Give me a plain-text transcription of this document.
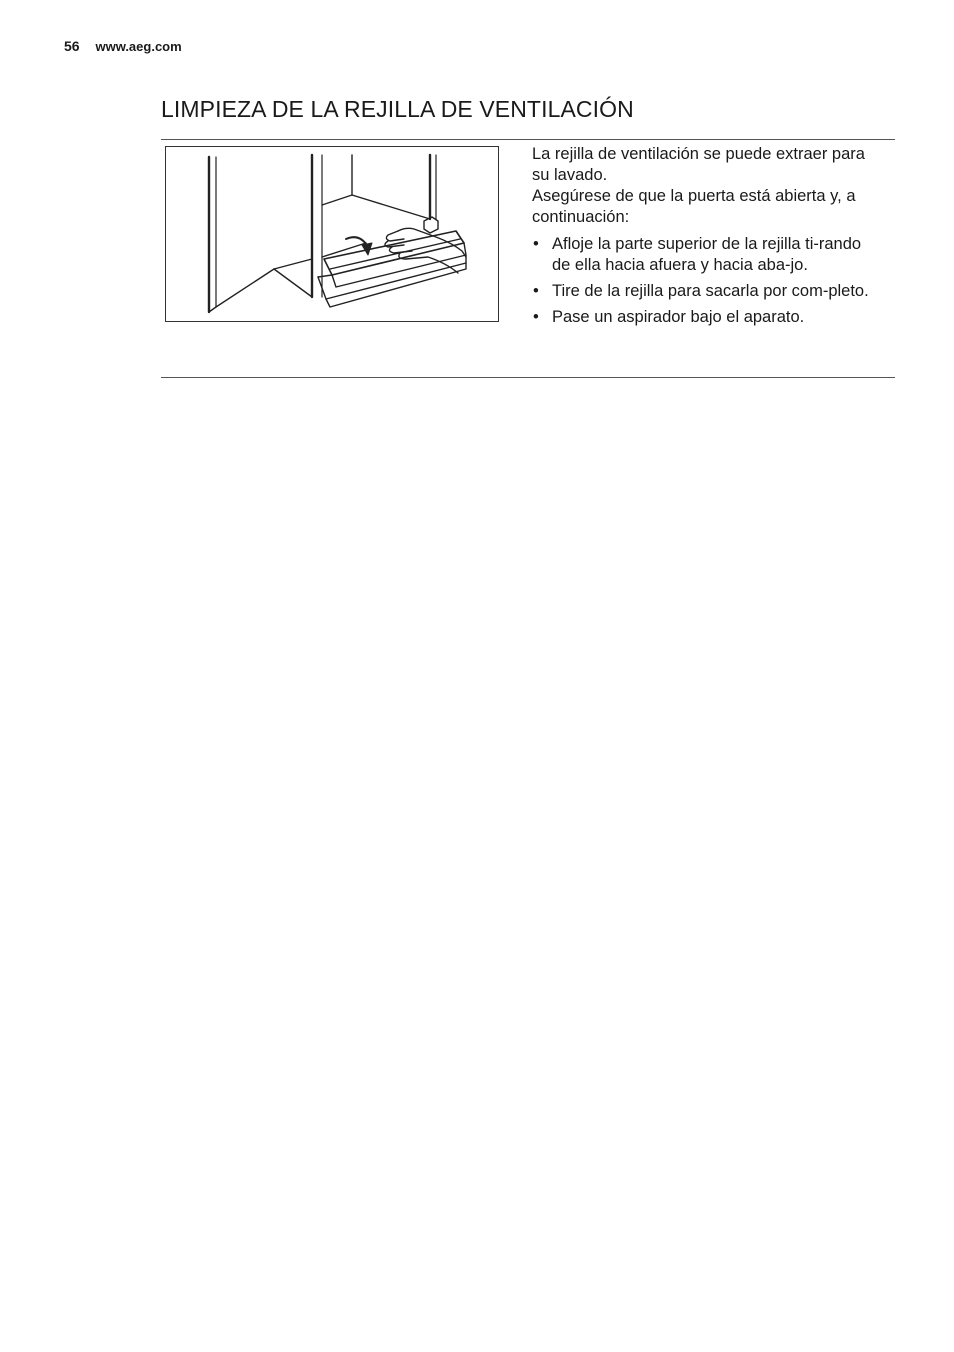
56 www.aeg.com
LIMPIEZA DE LA REJILLA DE VENTILACIÓN

La rejilla de ventilación se puede extraer para su lavado.

Asegúrese de que la puerta está abierta y, a continuación:

• Afloje la parte superior de la rejilla ti-rando de ella hacia afuera y hacia aba-jo.
• Tire de la rejilla para sacarla por com-pleto.
• Pase un aspirador bajo el aparato.
